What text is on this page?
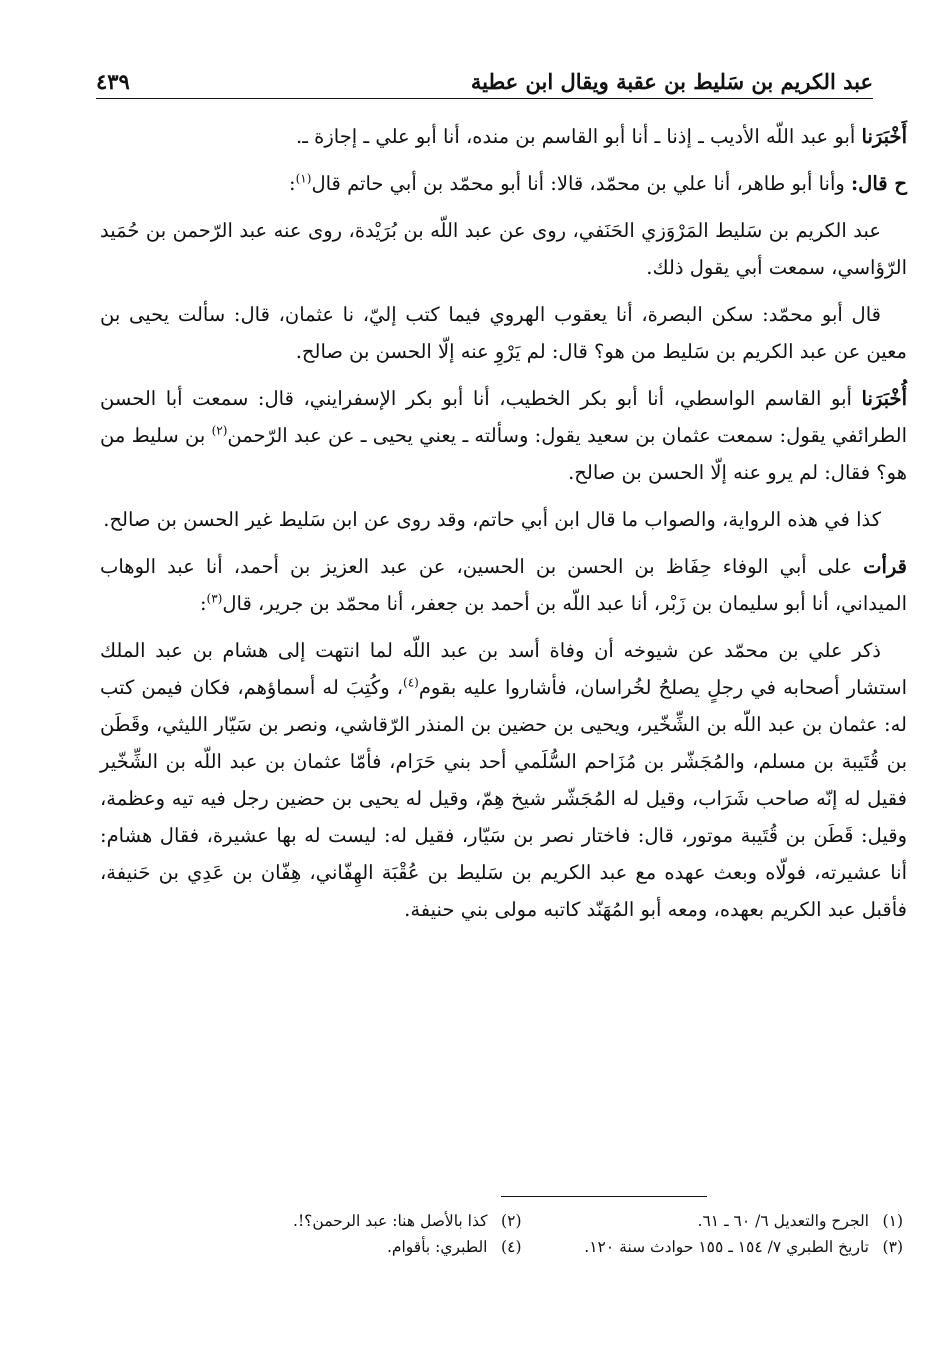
عبد الكريم بن سَليط بن عقبة ويقال ابن عطية
٤٣٩

أَخْبَرَنا أبو عبد اللّه الأديب ـ إذنا ـ أنا أبو القاسم بن منده، أنا أبو علي ـ إجازة ـ.

ح قال: وأنا أبو طاهر، أنا علي بن محمّد، قالا: أنا أبو محمّد بن أبي حاتم قال$^{(١)}$:

عبد الكريم بن سَليط المَرْوَزي الحَنَفي، روى عن عبد اللّه بن بُرَيْدة، روى عنه عبد الرّحمن بن حُمَيد الرّؤاسي، سمعت أبي يقول ذلك.

قال أبو محمّد: سكن البصرة، أنا يعقوب الهروي فيما كتب إليّ، نا عثمان، قال: سألت يحيى بن معين عن عبد الكريم بن سَليط من هو؟ قال: لم يَرْوِ عنه إلّا الحسن بن صالح.

أُخْبَرَنا أبو القاسم الواسطي، أنا أبو بكر الخطيب، أنا أبو بكر الإسفرايني، قال: سمعت أبا الحسن الطرائفي يقول: سمعت عثمان بن سعيد يقول: وسألته ـ يعني يحيى ـ عن عبد الرّحمن$^{(٢)}$ بن سليط من هو؟ فقال: لم يرو عنه إلّا الحسن بن صالح.

كذا في هذه الرواية، والصواب ما قال ابن أبي حاتم، وقد روى عن ابن سَليط غير الحسن بن صالح.

قرأت على أبي الوفاء حِفَاظ بن الحسن بن الحسين، عن عبد العزيز بن أحمد، أنا عبد الوهاب الميداني، أنا أبو سليمان بن زَبْر، أنا عبد اللّه بن أحمد بن جعفر، أنا محمّد بن جرير، قال$^{(٣)}$:

ذكر علي بن محمّد عن شيوخه أن وفاة أسد بن عبد اللّه لما انتهت إلى هشام بن عبد الملك استشار أصحابه في رجلٍ يصلحُ لخُراسان، فأشاروا عليه بقوم$^{(٤)}$، وكُتِبَ له أسماؤهم، فكان فيمن كتب له: عثمان بن عبد اللّه بن الشِّخّير، ويحيى بن حضين بن المنذر الرّقاشي، ونصر بن سَيّار الليثي، وقَطَن بن قُتَيبة بن مسلم، والمُجَشّر بن مُزَاحم السُّلَمي أحد بني حَرَام، فأمّا عثمان بن عبد اللّه بن الشِّخّير فقيل له إنّه صاحب شَرَاب، وقيل له المُجَشّر شيخ هِمّ، وقيل له يحيى بن حضين رجل فيه تيه وعظمة، وقيل: قَطَن بن قُتَيبة موتور، قال: فاختار نصر بن سَيّار، فقيل له: ليست له بها عشيرة، فقال هشام: أنا عشيرته، فولّاه وبعث عهده مع عبد الكريم بن سَليط بن عُقْبَة الهِفّاني، هِفّان بن عَدِي بن حَنيفة، فأقبل عبد الكريم بعهده، ومعه أبو المُهَنّد كاتبه مولى بني حنيفة.

(١)الجرح والتعديل ٦/ ٦٠ ـ ٦١.
(٢)كذا بالأصل هنا: عبد الرحمن؟!.
(٣)تاريخ الطبري ٧/ ١٥٤ ـ ١٥٥ حوادث سنة ١٢٠.
(٤)الطبري: بأقوام.
